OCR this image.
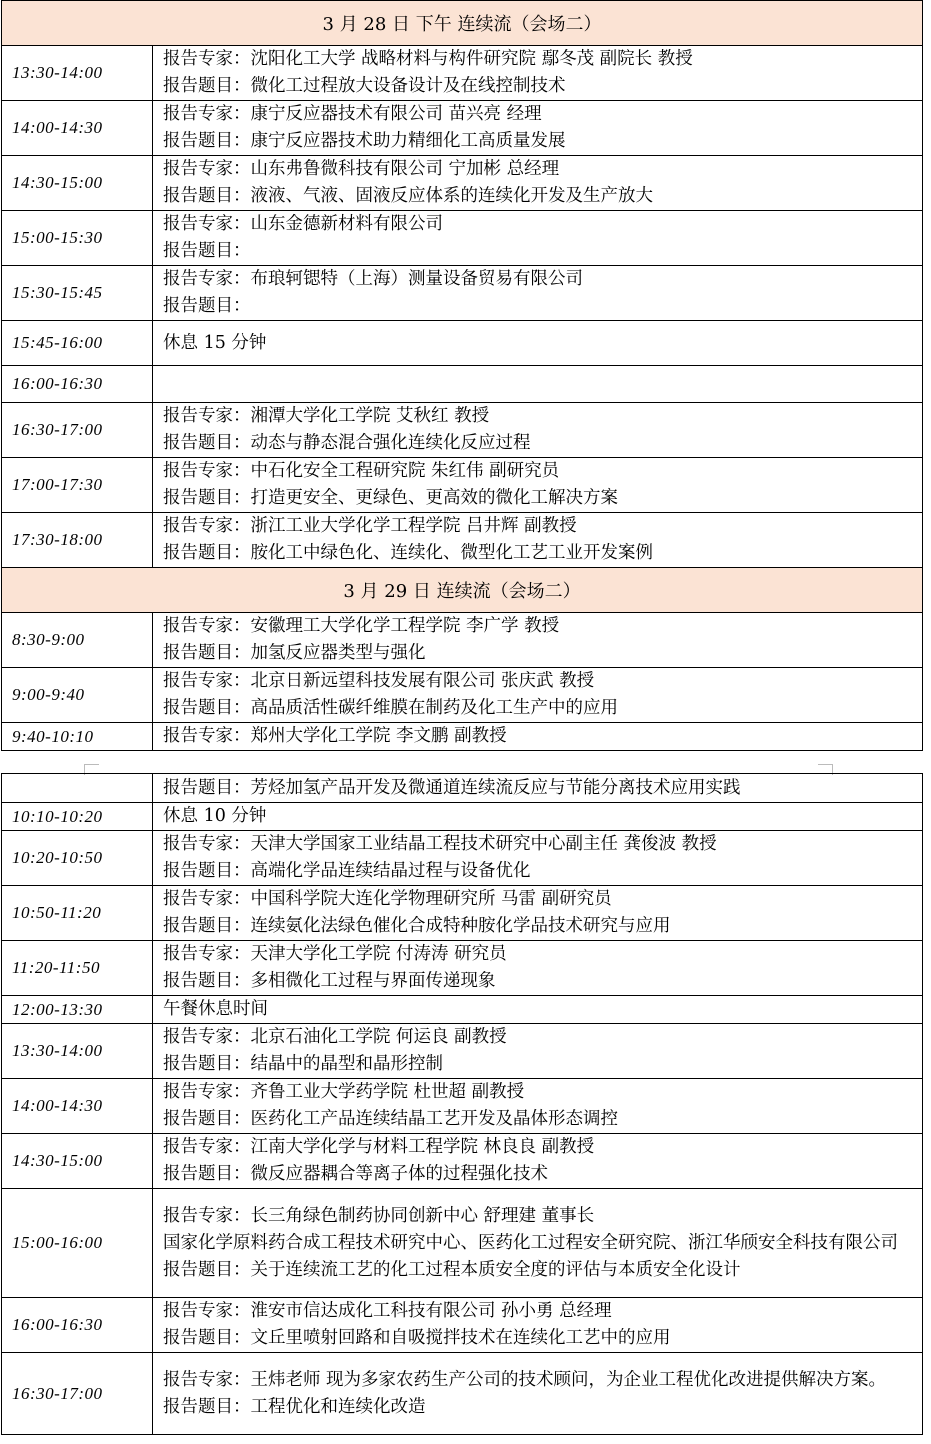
3 月 28 日 下午 连续流（会场二）	
13:30-14:00	报告专家：沈阳化工大学 战略材料与构件研究院 鄢冬茂 副院长 教授
报告题目：微化工过程放大设备设计及在线控制技术

14:00-14:30	报告专家：康宁反应器技术有限公司 苗兴亮 经理
报告题目：康宁反应器技术助力精细化工高质量发展

14:30-15:00	报告专家：山东弗鲁微科技有限公司 宁加彬 总经理
报告题目：液液、气液、固液反应体系的连续化开发及生产放大

15:00-15:30	报告专家：山东金德新材料有限公司
报告题目：

15:30-15:45	报告专家：布琅轲锶特（上海）测量设备贸易有限公司
报告题目：

15:45-16:00	休息 15 分钟

16:00-16:30	

16:30-17:00	报告专家：湘潭大学化工学院 艾秋红 教授
报告题目：动态与静态混合强化连续化反应过程

17:00-17:30	报告专家：中石化安全工程研究院 朱红伟 副研究员
报告题目：打造更安全、更绿色、更高效的微化工解决方案

17:30-18:00	报告专家：浙江工业大学化学工程学院 吕井辉 副教授
报告题目：胺化工中绿色化、连续化、微型化工艺工业开发案例

3 月 29 日 连续流（会场二）	
8:30-9:00	报告专家：安徽理工大学化学工程学院 李广学 教授
报告题目：加氢反应器类型与强化

9:00-9:40	报告专家：北京日新远望科技发展有限公司 张庆武 教授
报告题目：高品质活性碳纤维膜在制药及化工生产中的应用

9:40-10:10	报告专家：郑州大学化工学院 李文鹏 副教授

	报告题目：芳烃加氢产品开发及微通道连续流反应与节能分离技术应用实践

10:10-10:20	休息 10 分钟

10:20-10:50	报告专家：天津大学国家工业结晶工程技术研究中心副主任 龚俊波 教授
报告题目：高端化学品连续结晶过程与设备优化

10:50-11:20	报告专家：中国科学院大连化学物理研究所 马雷 副研究员
报告题目：连续氨化法绿色催化合成特种胺化学品技术研究与应用

11:20-11:50	报告专家：天津大学化工学院 付涛涛 研究员
报告题目：多相微化工过程与界面传递现象

12:00-13:30	午餐休息时间

13:30-14:00	报告专家：北京石油化工学院 何运良 副教授
报告题目：结晶中的晶型和晶形控制

14:00-14:30	报告专家：齐鲁工业大学药学院 杜世超 副教授
报告题目：医药化工产品连续结晶工艺开发及晶体形态调控

14:30-15:00	报告专家：江南大学化学与材料工程学院 林良良 副教授
报告题目：微反应器耦合等离子体的过程强化技术

15:00-16:00	报告专家：长三角绿色制药协同创新中心 舒理建 董事长
国家化学原料药合成工程技术研究中心、医药化工过程安全研究院、浙江华颀安全科技有限公司
报告题目：关于连续流工艺的化工过程本质安全度的评估与本质安全化设计

16:00-16:30	报告专家：淮安市信达成化工科技有限公司 孙小勇 总经理
报告题目：文丘里喷射回路和自吸搅拌技术在连续化工艺中的应用

16:30-17:00	报告专家：王炜老师 现为多家农药生产公司的技术顾问，为企业工程优化改进提供解决方案。
报告题目：工程优化和连续化改造
